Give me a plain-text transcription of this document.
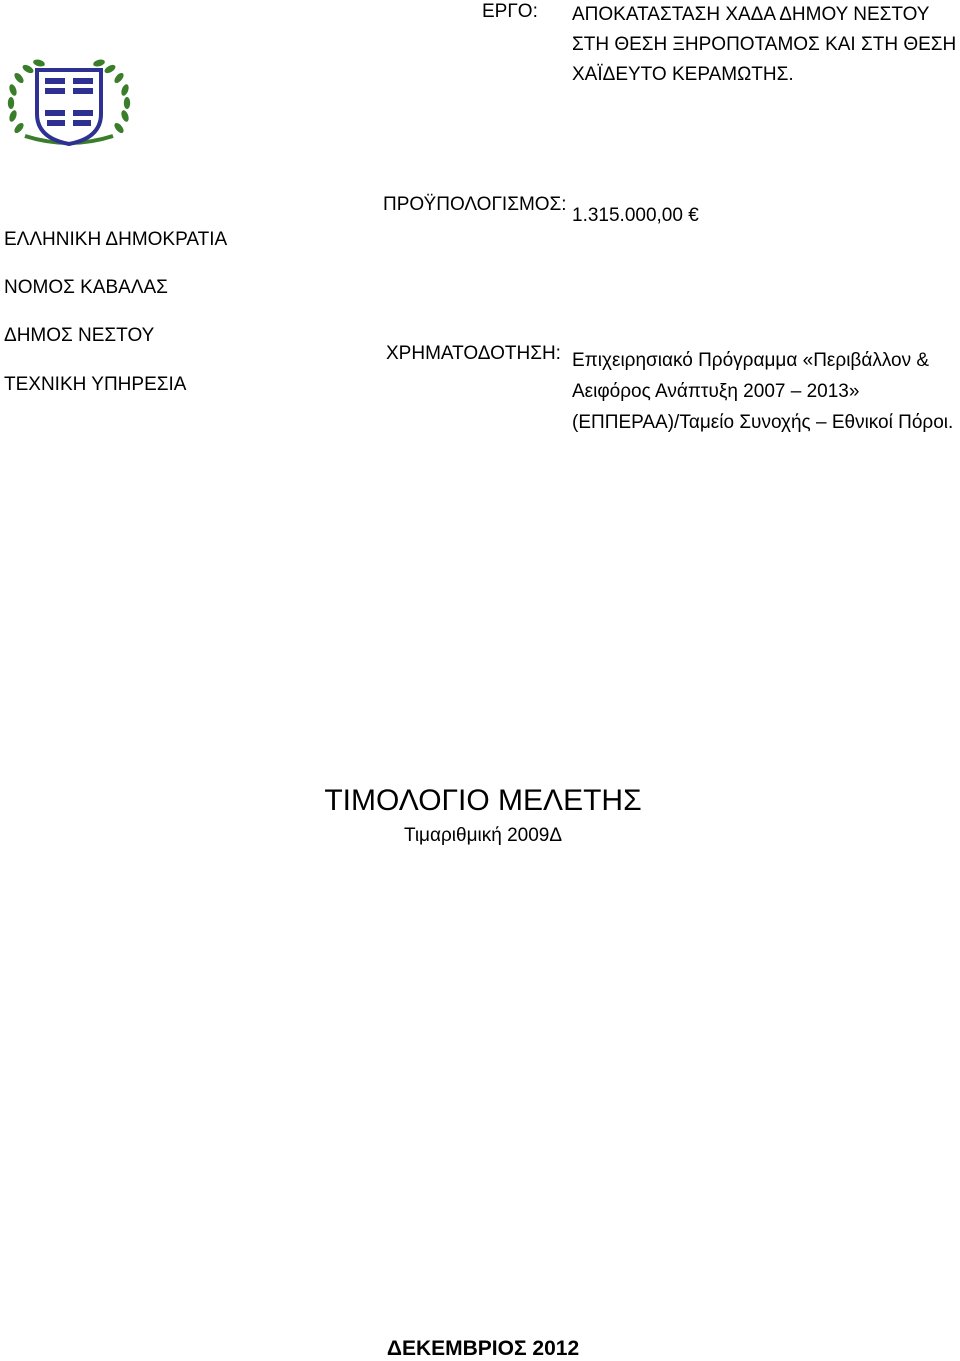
ΕΡΓΟ: ΑΠΟΚΑΤΑΣΤΑΣΗ ΧΑΔΑ ΔΗΜΟΥ ΝΕΣΤΟΥ ΣΤΗ ΘΕΣΗ ΞΗΡΟΠΟΤΑΜΟΣ ΚΑΙ ΣΤΗ ΘΕΣΗ ΧΑΪΔΕΥΤΟ ΚΕΡΑΜΩΤΗΣ.
ΕΛΛΗΝΙΚΗ ΔΗΜΟΚΡΑΤΙΑ
ΝΟΜΟΣ ΚΑΒΑΛΑΣ
ΔΗΜΟΣ ΝΕΣΤΟΥ
ΤΕΧΝΙΚΗ ΥΠΗΡΕΣΙΑ
ΠΡΟΫΠΟΛΟΓΙΣΜΟΣ:
1.315.000,00 €
ΧΡΗΜΑΤΟΔΟΤΗΣΗ: Επιχειρησιακό Πρόγραμμα «Περιβάλλον & Αειφόρος Ανάπτυξη 2007 – 2013» (ΕΠΠΕΡΑΑ)/Ταμείο Συνοχής – Εθνικοί Πόροι.
ΤΙΜΟΛΟΓΙΟ ΜΕΛΕΤΗΣ
Τιμαριθμική 2009Δ
ΔΕΚΕΜΒΡΙΟΣ 2012
